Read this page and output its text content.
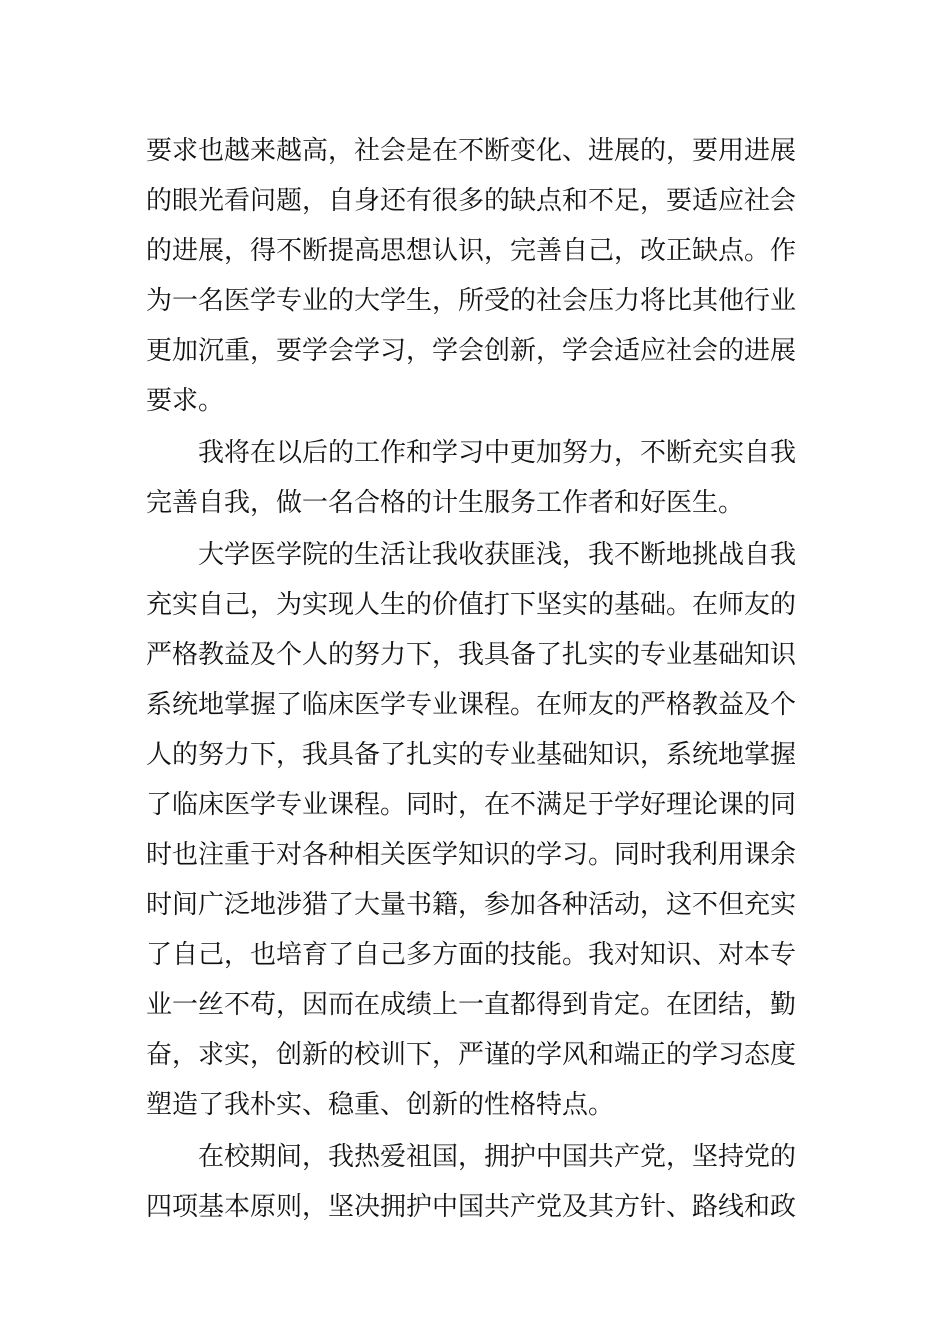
要求也越来越高，社会是在不断变化、进展的，要用进展
的眼光看问题，自身还有很多的缺点和不足，要适应社会
的进展，得不断提高思想认识，完善自己，改正缺点。作
为一名医学专业的大学生，所受的社会压力将比其他行业
更加沉重，要学会学习，学会创新，学会适应社会的进展
要求。
我将在以后的工作和学习中更加努力，不断充实自我
完善自我，做一名合格的计生服务工作者和好医生。
大学医学院的生活让我收获匪浅，我不断地挑战自我
充实自己，为实现人生的价值打下坚实的基础。在师友的
严格教益及个人的努力下，我具备了扎实的专业基础知识
系统地掌握了临床医学专业课程。在师友的严格教益及个
人的努力下，我具备了扎实的专业基础知识，系统地掌握
了临床医学专业课程。同时，在不满足于学好理论课的同
时也注重于对各种相关医学知识的学习。同时我利用课余
时间广泛地涉猎了大量书籍，参加各种活动，这不但充实
了自己，也培育了自己多方面的技能。我对知识、对本专
业一丝不苟，因而在成绩上一直都得到肯定。在团结，勤
奋，求实，创新的校训下，严谨的学风和端正的学习态度
塑造了我朴实、稳重、创新的性格特点。
在校期间，我热爱祖国，拥护中国共产党，坚持党的
四项基本原则，坚决拥护中国共产党及其方针、路线和政
